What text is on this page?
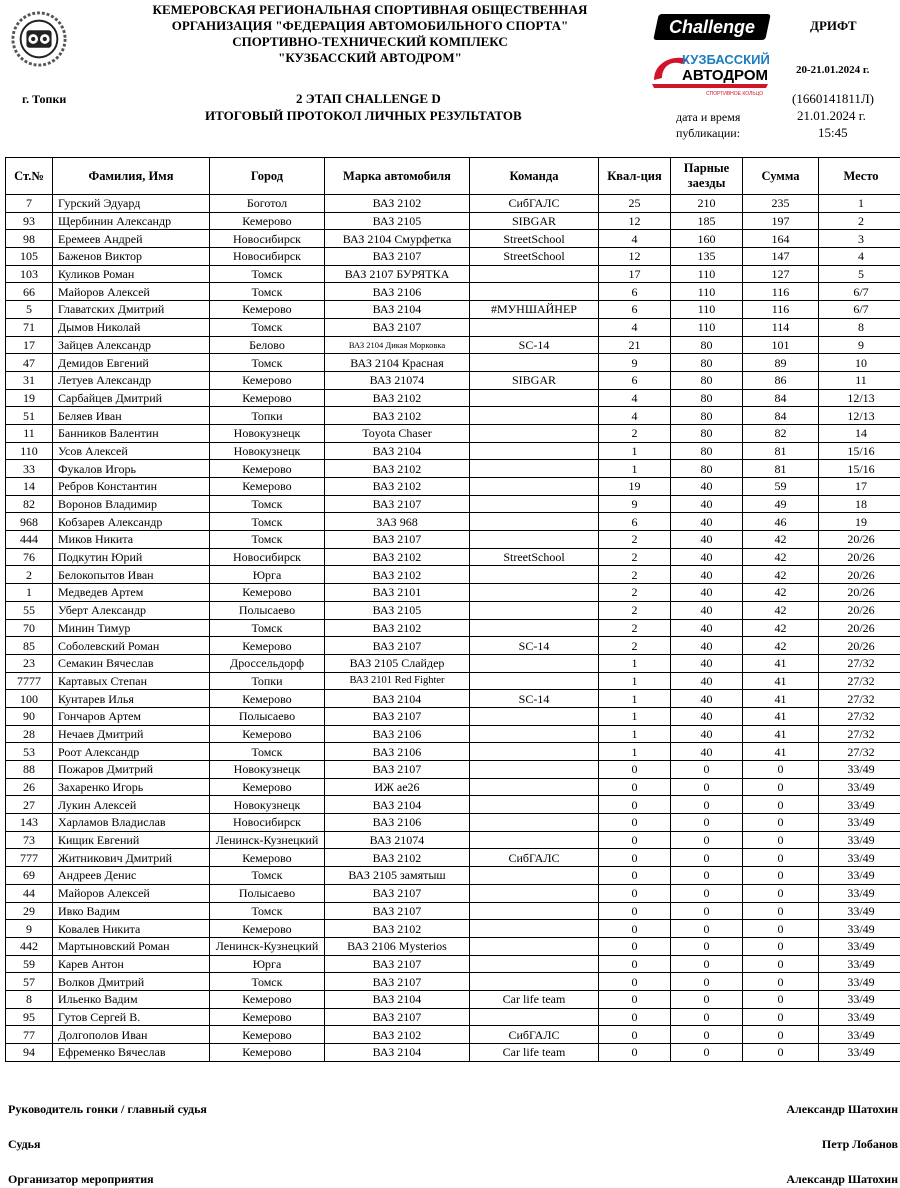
КЕМЕРОВСКАЯ РЕГИОНАЛЬНАЯ СПОРТИВНАЯ ОБЩЕСТВЕННАЯ
ОРГАНИЗАЦИЯ "ФЕДЕРАЦИЯ АВТОМОБИЛЬНОГО СПОРТА"
СПОРТИВНО-ТЕХНИЧЕСКИЙ КОМПЛЕКС
"КУЗБАССКИЙ АВТОДРОМ"
Challenge
КУЗБАССКИЙ
АВТОДРОМ
СПОРТИВНОЕ КОЛЬЦО
ДРИФТ
20-21.01.2024 г.
г. Топки	2 ЭТАП CHALLENGE D
ИТОГОВЫЙ ПРОТОКОЛ ЛИЧНЫХ РЕЗУЛЬТАТОВ
(1660141811Л)
дата и время
публикации:
21.01.2024 г.
15:45
Ст.№	Фамилия, Имя	Город	Марка автомобиля	Команда	Квал-ция	Парные заезды	Сумма	Место
7	Гурский Эдуард	Боготол	ВАЗ 2102	СибГАЛС	25	210	235	1
93	Щербинин Александр	Кемерово	ВАЗ 2105	SIBGAR	12	185	197	2
98	Еремеев Андрей	Новосибирск	ВАЗ 2104 Смурфетка	StreetSchool	4	160	164	3
105	Баженов Виктор	Новосибирск	ВАЗ 2107	StreetSchool	12	135	147	4
103	Куликов Роман	Томск	ВАЗ 2107 БУРЯТКА		17	110	127	5
66	Майоров Алексей	Томск	ВАЗ 2106		6	110	116	6/7
5	Главатских Дмитрий	Кемерово	ВАЗ 2104	#МУНШАЙНЕР	6	110	116	6/7
71	Дымов Николай	Томск	ВАЗ 2107		4	110	114	8
17	Зайцев Александр	Белово	ВАЗ 2104 Дикая Морковка	SC-14	21	80	101	9
47	Демидов Евгений	Томск	ВАЗ 2104 Красная		9	80	89	10
31	Летуев Александр	Кемерово	ВАЗ 21074	SIBGAR	6	80	86	11
19	Сарбайцев Дмитрий	Кемерово	ВАЗ 2102		4	80	84	12/13
51	Беляев Иван	Топки	ВАЗ 2102		4	80	84	12/13
11	Банников Валентин	Новокузнецк	Toyota Chaser		2	80	82	14
110	Усов Алексей	Новокузнецк	ВАЗ 2104		1	80	81	15/16
33	Фукалов Игорь	Кемерово	ВАЗ 2102		1	80	81	15/16
14	Ребров Константин	Кемерово	ВАЗ 2102		19	40	59	17
82	Воронов Владимир	Томск	ВАЗ 2107		9	40	49	18
968	Кобзарев Александр	Томск	ЗАЗ 968		6	40	46	19
444	Миков Никита	Томск	ВАЗ 2107		2	40	42	20/26
76	Подкутин Юрий	Новосибирск	ВАЗ 2102	StreetSchool	2	40	42	20/26
2	Белокопытов Иван	Юрга	ВАЗ 2102		2	40	42	20/26
1	Медведев Артем	Кемерово	ВАЗ 2101		2	40	42	20/26
55	Уберт Александр	Полысаево	ВАЗ 2105		2	40	42	20/26
70	Минин Тимур	Томск	ВАЗ 2102		2	40	42	20/26
85	Соболевский Роман	Кемерово	ВАЗ 2107	SC-14	2	40	42	20/26
23	Семакин Вячеслав	Дроссельдорф	ВАЗ 2105 Слайдер		1	40	41	27/32
7777	Картавых Степан	Топки	ВАЗ 2101 Red Fighter		1	40	41	27/32
100	Кунтарев Илья	Кемерово	ВАЗ 2104	SC-14	1	40	41	27/32
90	Гончаров Артем	Полысаево	ВАЗ 2107		1	40	41	27/32
28	Нечаев Дмитрий	Кемерово	ВАЗ 2106		1	40	41	27/32
53	Роот Александр	Томск	ВАЗ 2106		1	40	41	27/32
88	Пожаров Дмитрий	Новокузнецк	ВАЗ 2107		0	0	0	33/49
26	Захаренко Игорь	Кемерово	ИЖ ae26		0	0	0	33/49
27	Лукин Алексей	Новокузнецк	ВАЗ 2104		0	0	0	33/49
143	Харламов Владислав	Новосибирск	ВАЗ 2106		0	0	0	33/49
73	Кищик Евгений	Ленинск-Кузнецкий	ВАЗ 21074		0	0	0	33/49
777	Житникович Дмитрий	Кемерово	ВАЗ 2102	СибГАЛС	0	0	0	33/49
69	Андреев Денис	Томск	ВАЗ 2105 замятыш		0	0	0	33/49
44	Майоров Алексей	Полысаево	ВАЗ 2107		0	0	0	33/49
29	Ивко Вадим	Томск	ВАЗ 2107		0	0	0	33/49
9	Ковалев Никита	Кемерово	ВАЗ 2102		0	0	0	33/49
442	Мартыновский Роман	Ленинск-Кузнецкий	ВАЗ 2106 Mysterios		0	0	0	33/49
59	Карев Антон	Юрга	ВАЗ 2107		0	0	0	33/49
57	Волков Дмитрий	Томск	ВАЗ 2107		0	0	0	33/49
8	Ильенко Вадим	Кемерово	ВАЗ 2104	Car life team	0	0	0	33/49
95	Гутов Сергей В.	Кемерово	ВАЗ 2107		0	0	0	33/49
77	Долгополов Иван	Кемерово	ВАЗ 2102	СибГАЛС	0	0	0	33/49
94	Ефременко Вячеслав	Кемерово	ВАЗ 2104	Car life team	0	0	0	33/49
Руководитель гонки / главный судья	Александр Шатохин
Судья	Петр Лобанов
Организатор мероприятия	Александр Шатохин
